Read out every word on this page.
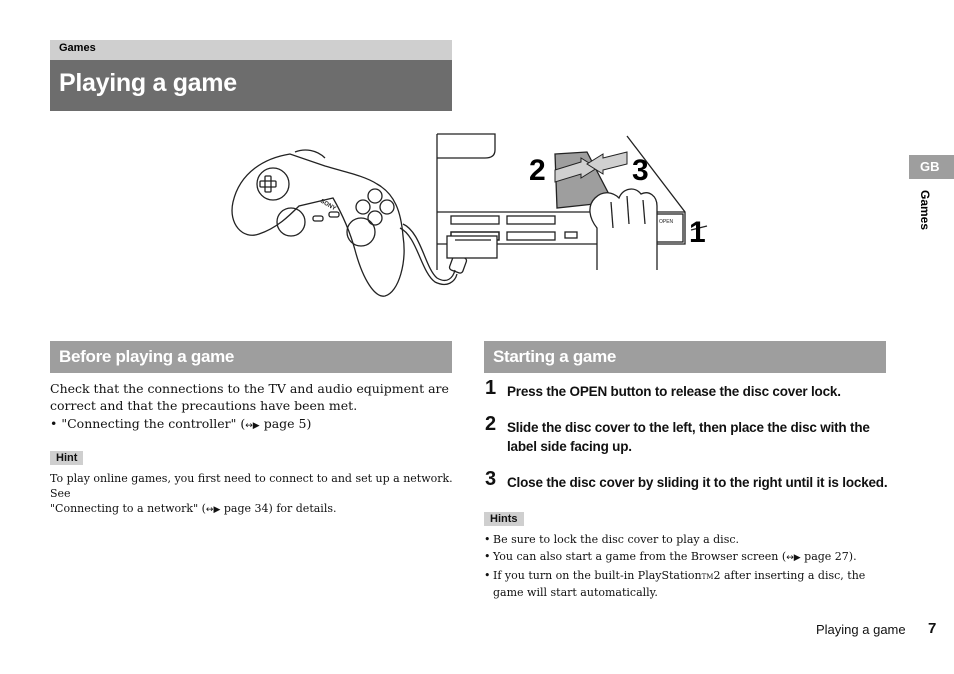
Games
Playing a game
SONY
OPEN
2	3
1
Before playing a game
Check that the connections to the TV and audio equipment are correct and that the precautions have been met.
• "Connecting the controller" (↔▶ page 5)
Hint
To play online games, you first need to connect to and set up a network. See
"Connecting to a network" (↔▶ page 34) for details.
Starting a game
1 Press the OPEN button to release the disc cover lock.
2 Slide the disc cover to the left, then place the disc with the label side facing up.
3 Close the disc cover by sliding it to the right until it is locked.
Hints
• Be sure to lock the disc cover to play a disc.
• You can also start a game from the Browser screen (↔▶ page 27).
• If you turn on the built-in PlayStationTM2 after inserting a disc, the game will start automatically.
GB
Games
Playing a game 7
